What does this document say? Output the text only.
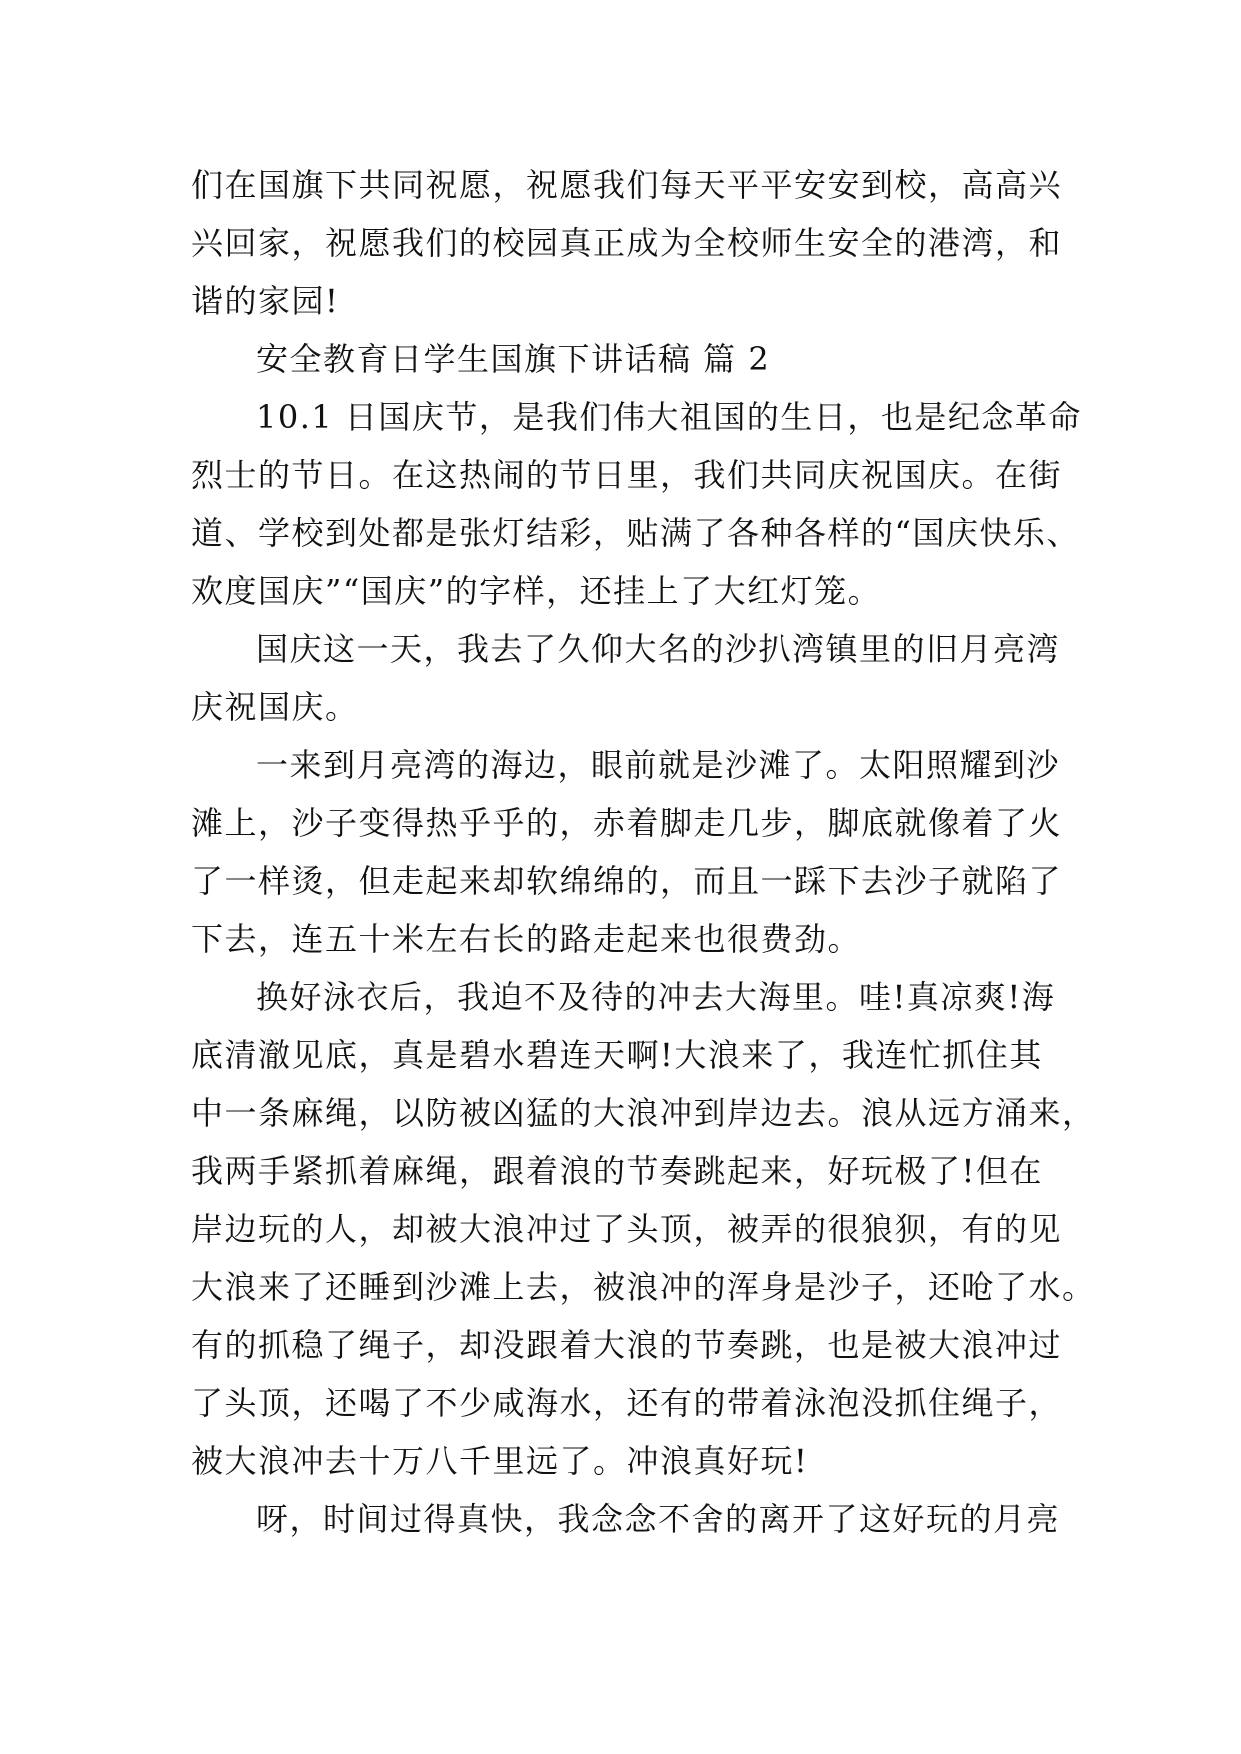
们在国旗下共同祝愿，祝愿我们每天平平安安到校，高高兴
兴回家，祝愿我们的校园真正成为全校师生安全的港湾，和
谐的家园!
安全教育日学生国旗下讲话稿 篇 2
10.1 日国庆节，是我们伟大祖国的生日，也是纪念革命
烈士的节日。在这热闹的节日里，我们共同庆祝国庆。在街
道、学校到处都是张灯结彩，贴满了各种各样的“国庆快乐、
欢度国庆”“国庆”的字样，还挂上了大红灯笼。
国庆这一天，我去了久仰大名的沙扒湾镇里的旧月亮湾
庆祝国庆。
一来到月亮湾的海边，眼前就是沙滩了。太阳照耀到沙
滩上，沙子变得热乎乎的，赤着脚走几步，脚底就像着了火
了一样烫，但走起来却软绵绵的，而且一踩下去沙子就陷了
下去，连五十米左右长的路走起来也很费劲。
换好泳衣后，我迫不及待的冲去大海里。哇!真凉爽!海
底清澈见底，真是碧水碧连天啊!大浪来了，我连忙抓住其
中一条麻绳，以防被凶猛的大浪冲到岸边去。浪从远方涌来，
我两手紧抓着麻绳，跟着浪的节奏跳起来，好玩极了!但在
岸边玩的人，却被大浪冲过了头顶，被弄的很狼狈，有的见
大浪来了还睡到沙滩上去，被浪冲的浑身是沙子，还呛了水。
有的抓稳了绳子，却没跟着大浪的节奏跳，也是被大浪冲过
了头顶，还喝了不少咸海水，还有的带着泳泡没抓住绳子，
被大浪冲去十万八千里远了。冲浪真好玩!
呀，时间过得真快，我念念不舍的离开了这好玩的月亮
